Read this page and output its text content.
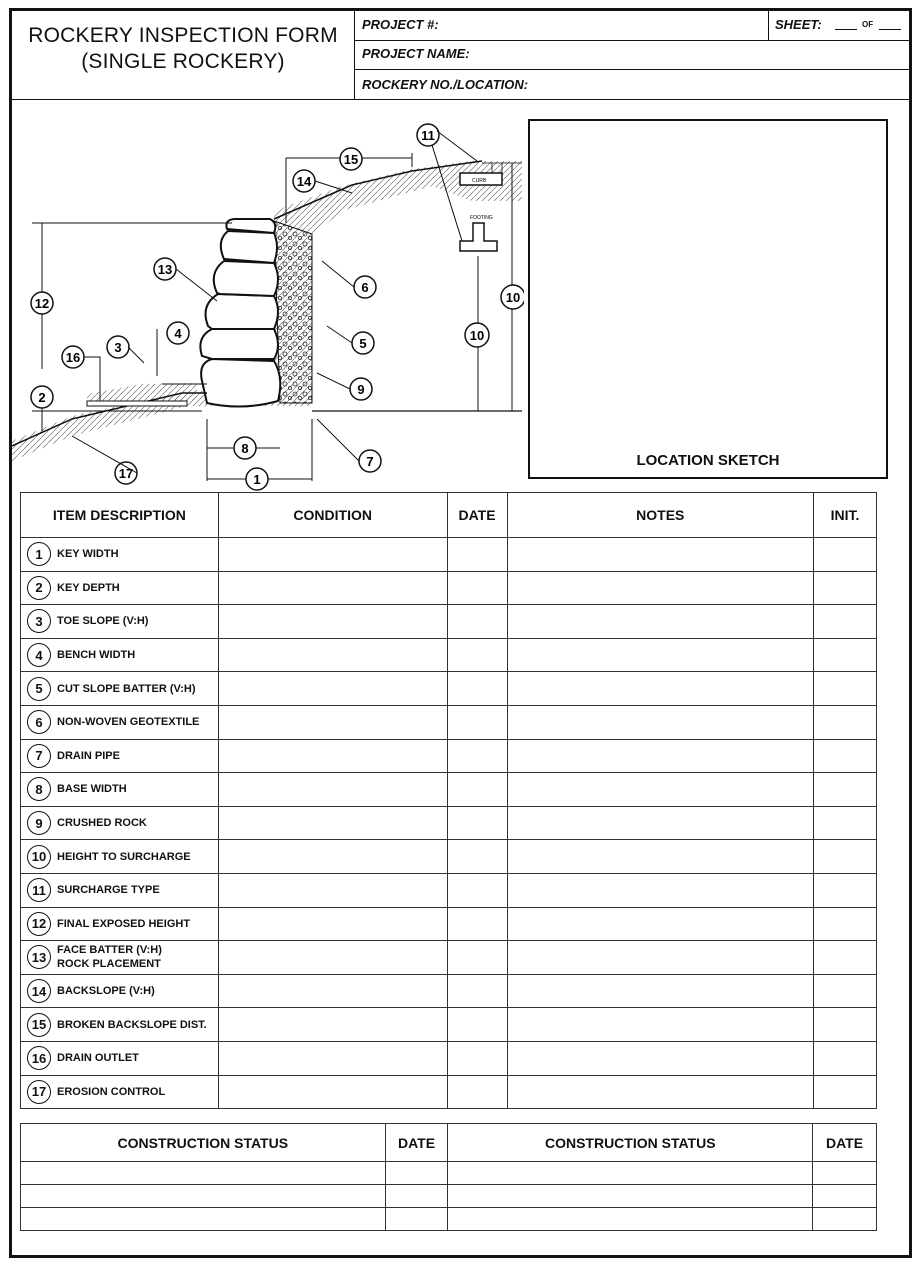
ROCKERY INSPECTION FORM
(SINGLE ROCKERY)
PROJECT #:	SHEET:	OF
PROJECT NAME:
ROCKERY NO./LOCATION:
CURB
FOOTING
1
2
3
4
5
6
7
8
9
10
10
11
12
13
14
15
16
17
LOCATION SKETCH
ITEM DESCRIPTION	CONDITION	DATE	NOTES	INIT.

1 KEY WIDTH				

2 KEY DEPTH				

3 TOE SLOPE (V:H)				

4 BENCH WIDTH				

5 CUT SLOPE BATTER (V:H)				

6 NON-WOVEN GEOTEXTILE				

7 DRAIN PIPE				

8 BASE WIDTH				

9 CRUSHED ROCK				

10 HEIGHT TO SURCHARGE				

11 SURCHARGE TYPE				

12 FINAL EXPOSED HEIGHT				

13 FACE BATTER (V:H)
ROCK PLACEMENT				

14 BACKSLOPE (V:H)				

15 BROKEN BACKSLOPE DIST.				

16 DRAIN OUTLET				

17 EROSION CONTROL				

CONSTRUCTION STATUS	DATE	CONSTRUCTION STATUS	DATE
